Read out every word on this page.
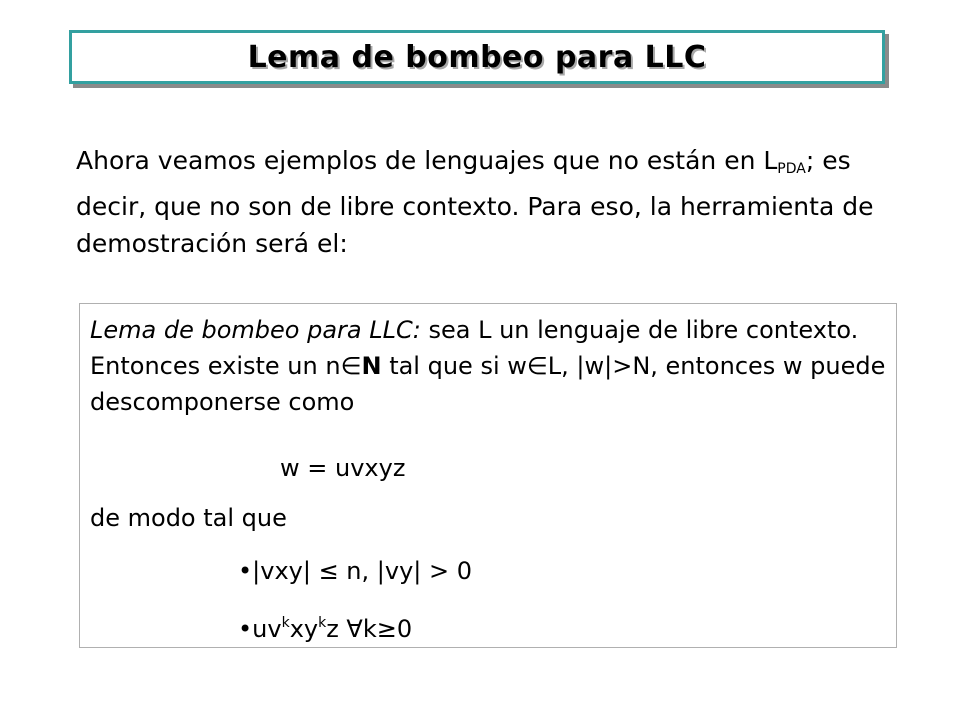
Lema de bombeo para LLC
Ahora veamos ejemplos de lenguajes que no están en $L_{PDA}$; es decir, que no son de libre contexto. Para eso, la herramienta de demostración será el:
Lema de bombeo para LLC: sea L un lenguaje de libre contexto. Entonces existe un n∈N tal que si w∈L, |w|>N, entonces w puede descomponerse como
w = uvxyz
de modo tal que
•|vxy| ≤ n, |vy| > 0
$•uv^kxy^kz$ ∀k≥0
